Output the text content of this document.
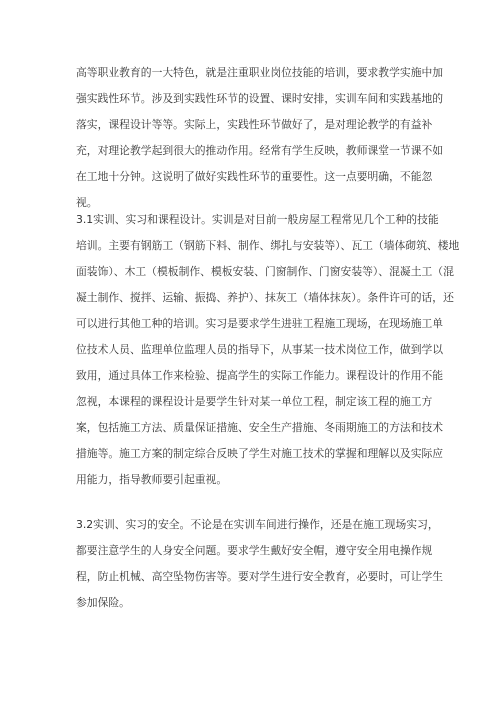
高等职业教育的一大特色，就是注重职业岗位技能的培训，要求教学实施中加
强实践性环节。涉及到实践性环节的设置、课时安排，实训车间和实践基地的
落实，课程设计等等。实际上，实践性环节做好了，是对理论教学的有益补
充，对理论教学起到很大的推动作用。经常有学生反映，教师课堂一节课不如
在工地十分钟。这说明了做好实践性环节的重要性。这一点要明确，不能忽
视。

3.1实训、实习和课程设计。实训是对目前一般房屋工程常见几个工种的技能
培训。主要有钢筋工（钢筋下料、制作、绑扎与安装等）、瓦工（墙体砌筑、楼地
面装饰）、木工（模板制作、模板安装、门窗制作、门窗安装等）、混凝土工（混
凝土制作、搅拌、运输、振捣、养护）、抹灰工（墙体抹灰）。条件许可的话，还
可以进行其他工种的培训。实习是要求学生进驻工程施工现场，在现场施工单
位技术人员、监理单位监理人员的指导下，从事某一技术岗位工作，做到学以
致用，通过具体工作来检验、提高学生的实际工作能力。课程设计的作用不能
忽视，本课程的课程设计是要学生针对某一单位工程，制定该工程的施工方
案，包括施工方法、质量保证措施、安全生产措施、冬雨期施工的方法和技术
措施等。施工方案的制定综合反映了学生对施工技术的掌握和理解以及实际应
用能力，指导教师要引起重视。

3.2实训、实习的安全。不论是在实训车间进行操作，还是在施工现场实习，
都要注意学生的人身安全问题。要求学生戴好安全帽，遵守安全用电操作规
程，防止机械、高空坠物伤害等。要对学生进行安全教育，必要时，可让学生
参加保险。
